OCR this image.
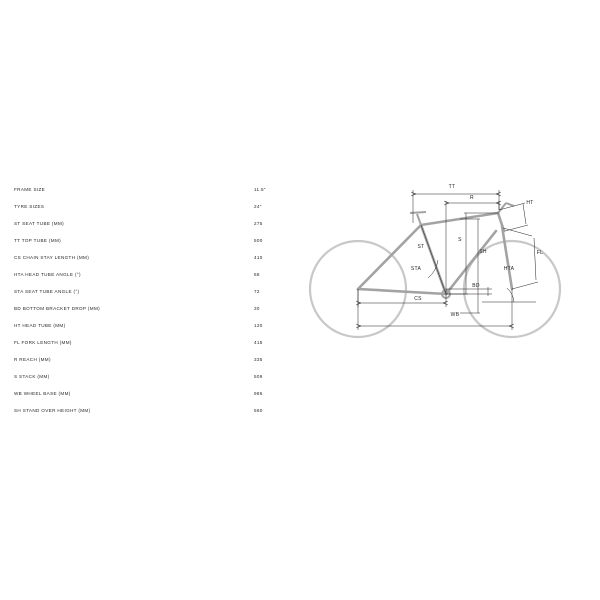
FRAME SIZE	11.5"
TYRE SIZES	24"
ST SEAT TUBE (MM)	275
TT TOP TUBE (MM)	500
CS CHAIN STAY LENGTH (MM)	410
HTA HEAD TUBE ANGLE (°)	68
STA SEAT TUBE ANGLE (°)	72
BD BOTTOM BRACKET DROP (MM)	30
HT HEAD TUBE (MM)	120
FL FORK LENGTH (MM)	415
R REACH (MM)	335
S STACK (MM)	509
WB WHEEL BASE (MM)	986
SH STAND OVER HEIGHT (MM)	560
TT
R
HT
ST
S
SH	FL
STA	HTA
CS
BD
WB
